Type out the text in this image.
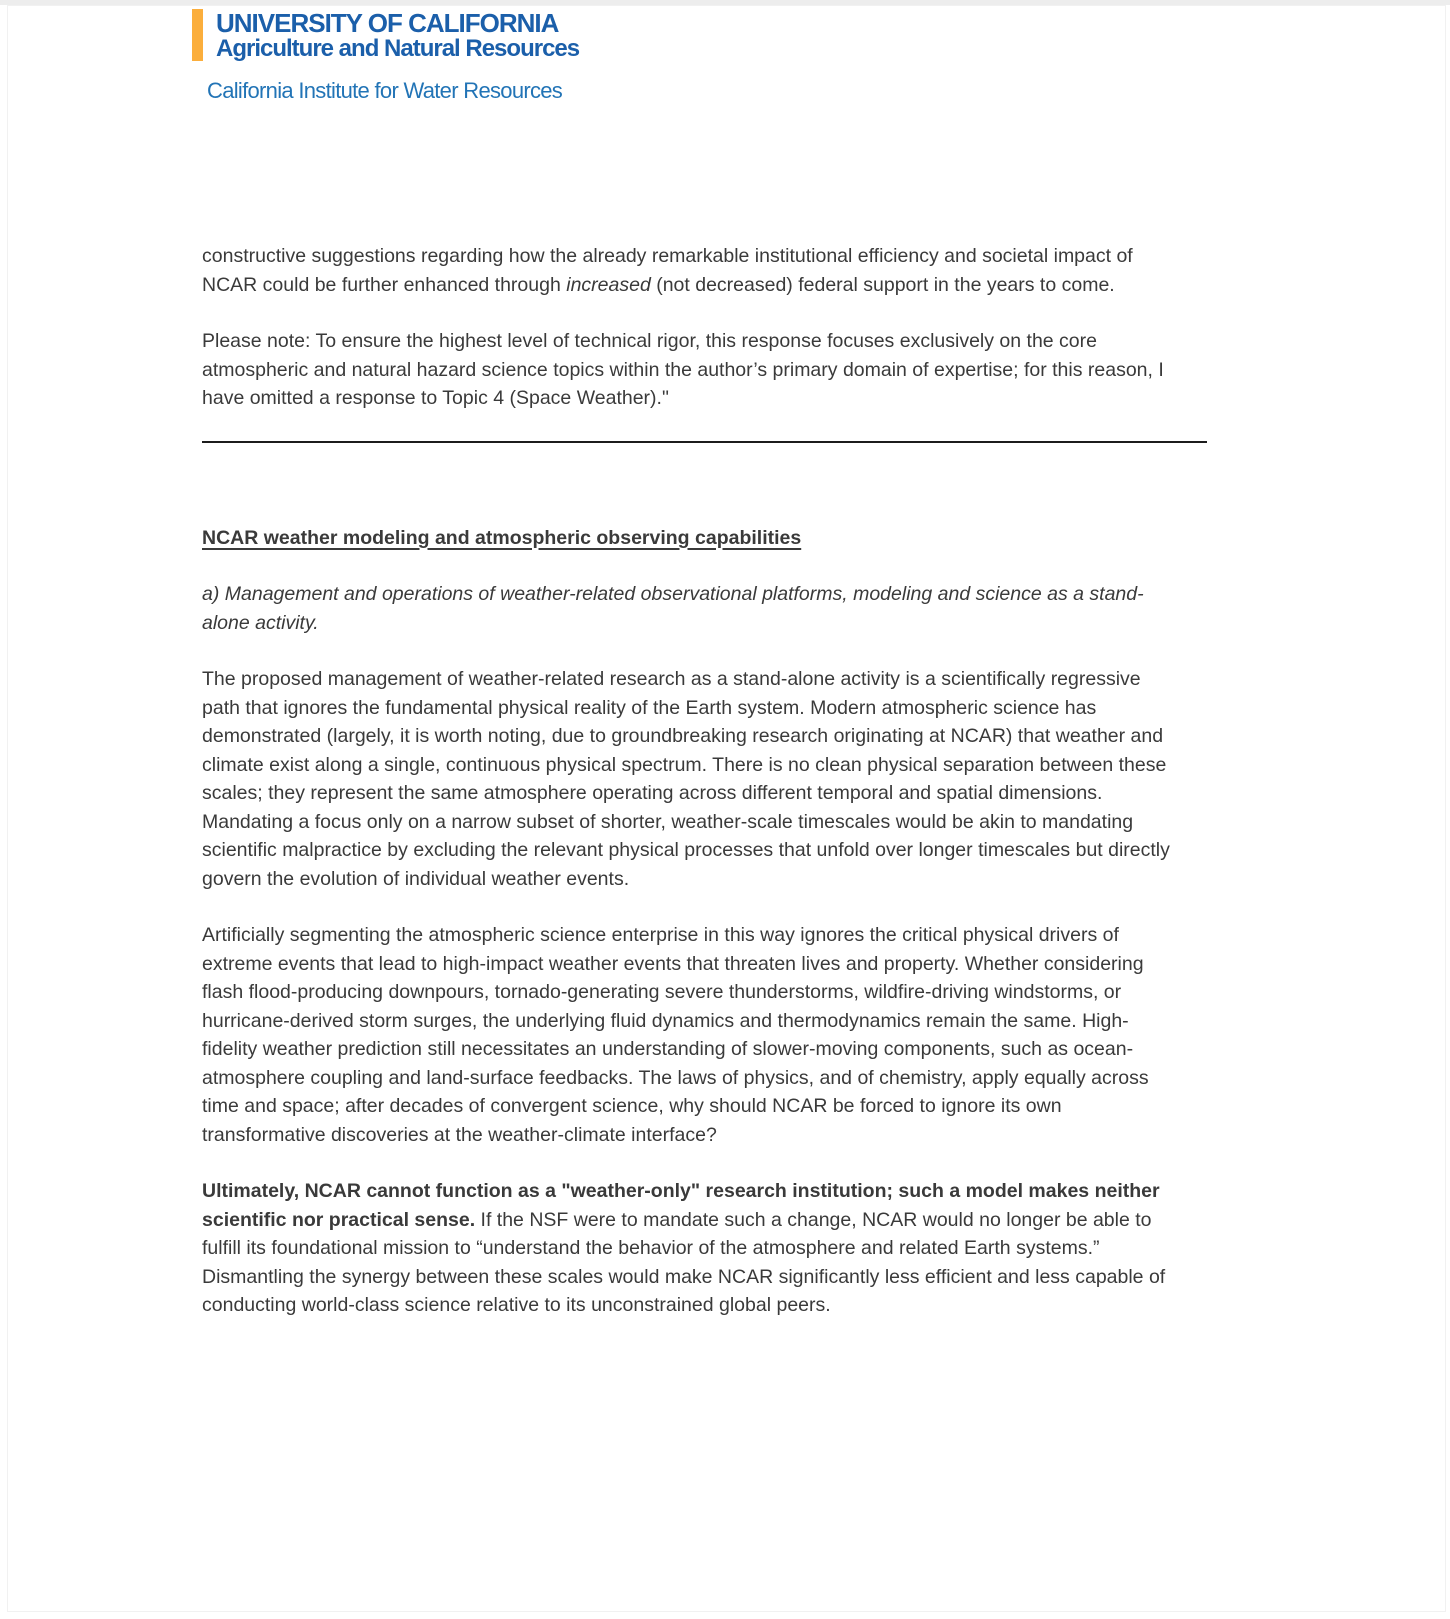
UNIVERSITY OF CALIFORNIA
Agriculture and Natural Resources
California Institute for Water Resources

constructive suggestions regarding how the already remarkable institutional efficiency and societal impact of NCAR could be further enhanced through increased (not decreased) federal support in the years to come.

Please note: To ensure the highest level of technical rigor, this response focuses exclusively on the core atmospheric and natural hazard science topics within the author’s primary domain of expertise; for this reason, I have omitted a response to Topic 4 (Space Weather)."

NCAR weather modeling and atmospheric observing capabilities

a) Management and operations of weather-related observational platforms, modeling and science as a stand-alone activity.

The proposed management of weather-related research as a stand-alone activity is a scientifically regressive path that ignores the fundamental physical reality of the Earth system. Modern atmospheric science has demonstrated (largely, it is worth noting, due to groundbreaking research originating at NCAR) that weather and climate exist along a single, continuous physical spectrum. There is no clean physical separation between these scales; they represent the same atmosphere operating across different temporal and spatial dimensions. Mandating a focus only on a narrow subset of shorter, weather-scale timescales would be akin to mandating scientific malpractice by excluding the relevant physical processes that unfold over longer timescales but directly govern the evolution of individual weather events.

Artificially segmenting the atmospheric science enterprise in this way ignores the critical physical drivers of extreme events that lead to high-impact weather events that threaten lives and property. Whether considering flash flood-producing downpours, tornado-generating severe thunderstorms, wildfire-driving windstorms, or hurricane-derived storm surges, the underlying fluid dynamics and thermodynamics remain the same. High-fidelity weather prediction still necessitates an understanding of slower-moving components, such as ocean-atmosphere coupling and land-surface feedbacks. The laws of physics, and of chemistry, apply equally across time and space; after decades of convergent science, why should NCAR be forced to ignore its own transformative discoveries at the weather-climate interface?

Ultimately, NCAR cannot function as a "weather-only" research institution; such a model makes neither scientific nor practical sense. If the NSF were to mandate such a change, NCAR would no longer be able to fulfill its foundational mission to “understand the behavior of the atmosphere and related Earth systems.” Dismantling the synergy between these scales would make NCAR significantly less efficient and less capable of conducting world-class science relative to its unconstrained global peers.
